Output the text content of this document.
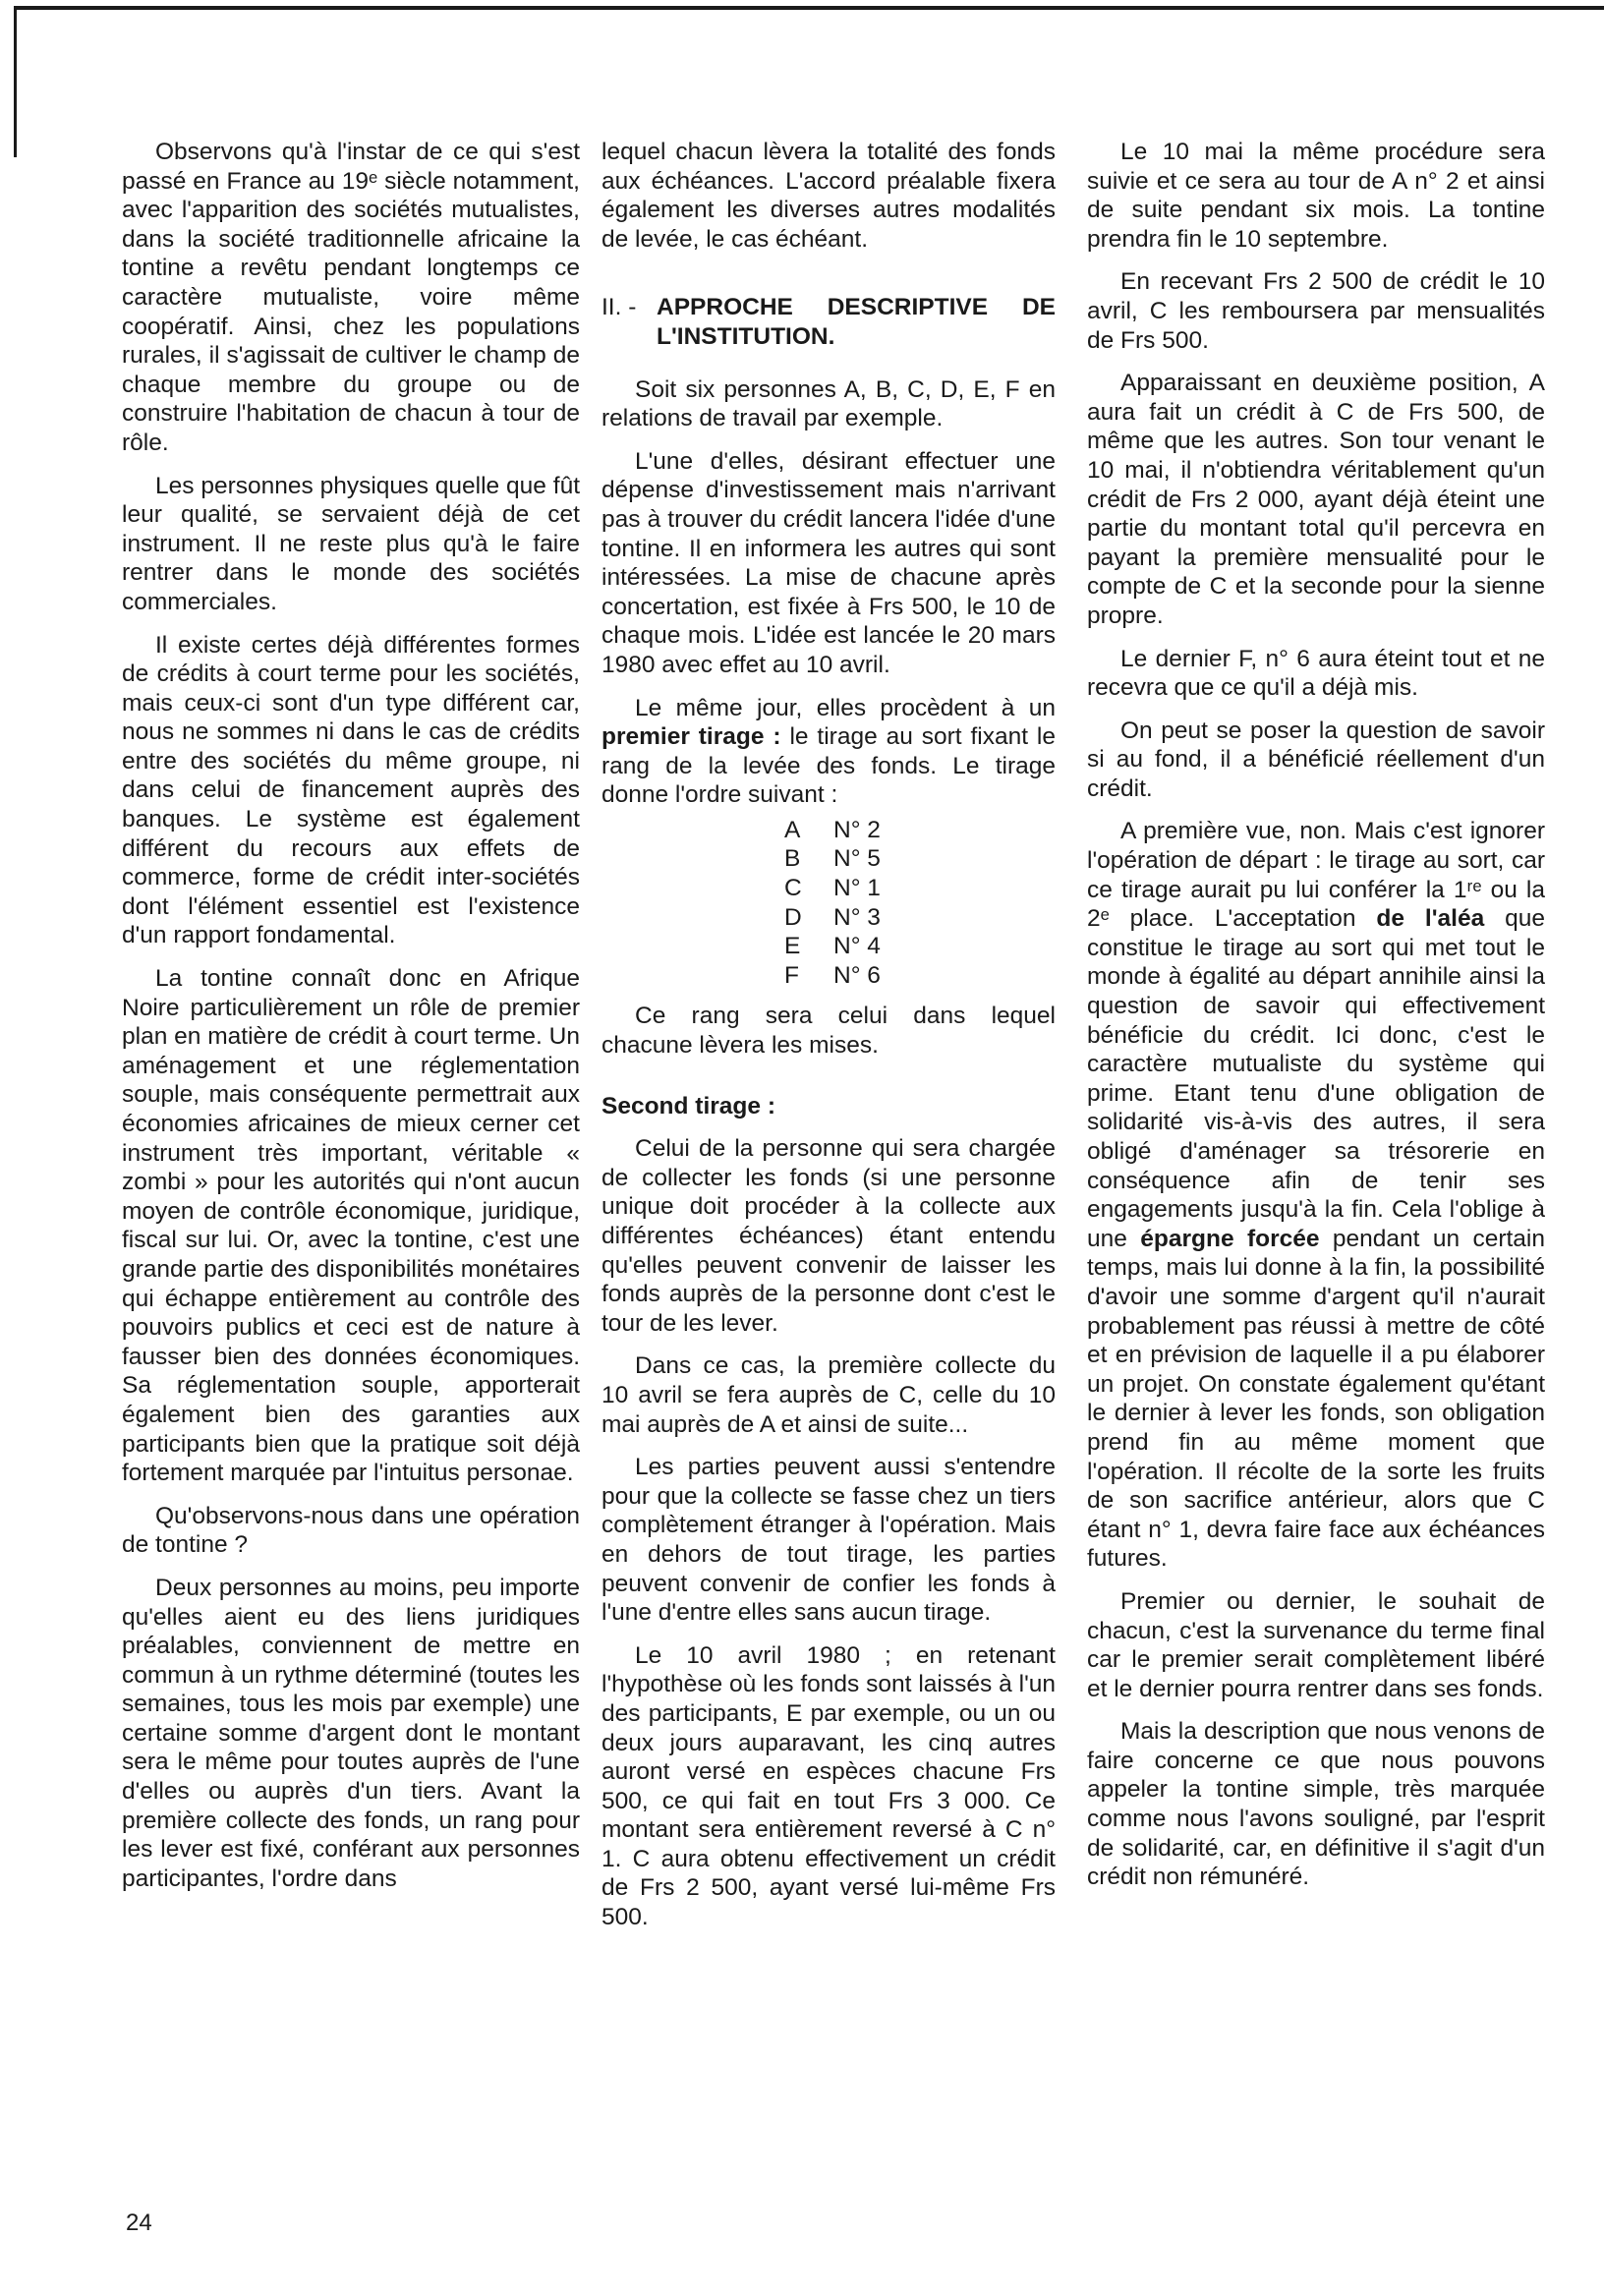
Observons qu'à l'instar de ce qui s'est passé en France au 19ᵉ siècle notamment, avec l'apparition des sociétés mutualistes, dans la société traditionnelle africaine la tontine a revêtu pendant longtemps ce caractère mutualiste, voire même coopératif. Ainsi, chez les populations rurales, il s'agissait de cultiver le champ de chaque membre du groupe ou de construire l'habitation de chacun à tour de rôle.

Les personnes physiques quelle que fût leur qualité, se servaient déjà de cet instrument. Il ne reste plus qu'à le faire rentrer dans le monde des sociétés commerciales.

Il existe certes déjà différentes formes de crédits à court terme pour les sociétés, mais ceux-ci sont d'un type différent car, nous ne sommes ni dans le cas de crédits entre des sociétés du même groupe, ni dans celui de financement auprès des banques. Le système est également différent du recours aux effets de commerce, forme de crédit inter-sociétés dont l'élément essentiel est l'existence d'un rapport fondamental.

La tontine connaît donc en Afrique Noire particulièrement un rôle de premier plan en matière de crédit à court terme. Un aménagement et une réglementation souple, mais conséquente permettrait aux économies africaines de mieux cerner cet instrument très important, véritable « zombi » pour les autorités qui n'ont aucun moyen de contrôle économique, juridique, fiscal sur lui. Or, avec la tontine, c'est une grande partie des disponibilités monétaires qui échappe entièrement au contrôle des pouvoirs publics et ceci est de nature à fausser bien des données économiques. Sa réglementation souple, apporterait également bien des garanties aux participants bien que la pratique soit déjà fortement marquée par l'intuitus personae.

Qu'observons-nous dans une opération de tontine ?

Deux personnes au moins, peu importe qu'elles aient eu des liens juridiques préalables, conviennent de mettre en commun à un rythme déterminé (toutes les semaines, tous les mois par exemple) une certaine somme d'argent dont le montant sera le même pour toutes auprès de l'une d'elles ou auprès d'un tiers. Avant la première collecte des fonds, un rang pour les lever est fixé, conférant aux personnes participantes, l'ordre dans

lequel chacun lèvera la totalité des fonds aux échéances. L'accord préalable fixera également les diverses autres modalités de levée, le cas échéant.

II. - APPROCHE DESCRIPTIVE DE L'INSTITUTION.

Soit six personnes A, B, C, D, E, F en relations de travail par exemple.

L'une d'elles, désirant effectuer une dépense d'investissement mais n'arrivant pas à trouver du crédit lancera l'idée d'une tontine. Il en informera les autres qui sont intéressées. La mise de chacune après concertation, est fixée à Frs 500, le 10 de chaque mois. L'idée est lancée le 20 mars 1980 avec effet au 10 avril.

Le même jour, elles procèdent à un premier tirage : le tirage au sort fixant le rang de la levée des fonds. Le tirage donne l'ordre suivant :

A	N° 2
B	N° 5
C	N° 1
D	N° 3
E	N° 4
F	N° 6

Ce rang sera celui dans lequel chacune lèvera les mises.

Second tirage :

Celui de la personne qui sera chargée de collecter les fonds (si une personne unique doit procéder à la collecte aux différentes échéances) étant entendu qu'elles peuvent convenir de laisser les fonds auprès de la personne dont c'est le tour de les lever.

Dans ce cas, la première collecte du 10 avril se fera auprès de C, celle du 10 mai auprès de A et ainsi de suite...

Les parties peuvent aussi s'entendre pour que la collecte se fasse chez un tiers complètement étranger à l'opération. Mais en dehors de tout tirage, les parties peuvent convenir de confier les fonds à l'une d'entre elles sans aucun tirage.

Le 10 avril 1980 ; en retenant l'hypothèse où les fonds sont laissés à l'un des participants, E par exemple, ou un ou deux jours auparavant, les cinq autres auront versé en espèces chacune Frs 500, ce qui fait en tout Frs 3 000. Ce montant sera entièrement reversé à C n° 1. C aura obtenu effectivement un crédit de Frs 2 500, ayant versé lui-même Frs 500.

Le 10 mai la même procédure sera suivie et ce sera au tour de A n° 2 et ainsi de suite pendant six mois. La tontine prendra fin le 10 septembre.

En recevant Frs 2 500 de crédit le 10 avril, C les remboursera par mensualités de Frs 500.

Apparaissant en deuxième position, A aura fait un crédit à C de Frs 500, de même que les autres. Son tour venant le 10 mai, il n'obtiendra véritablement qu'un crédit de Frs 2 000, ayant déjà éteint une partie du montant total qu'il percevra en payant la première mensualité pour le compte de C et la seconde pour la sienne propre.

Le dernier F, n° 6 aura éteint tout et ne recevra que ce qu'il a déjà mis.

On peut se poser la question de savoir si au fond, il a bénéficié réellement d'un crédit.

A première vue, non. Mais c'est ignorer l'opération de départ : le tirage au sort, car ce tirage aurait pu lui conférer la 1ʳᵉ ou la 2ᵉ place. L'acceptation de l'aléa que constitue le tirage au sort qui met tout le monde à égalité au départ annihile ainsi la question de savoir qui effectivement bénéficie du crédit. Ici donc, c'est le caractère mutualiste du système qui prime. Etant tenu d'une obligation de solidarité vis-à-vis des autres, il sera obligé d'aménager sa trésorerie en conséquence afin de tenir ses engagements jusqu'à la fin. Cela l'oblige à une épargne forcée pendant un certain temps, mais lui donne à la fin, la possibilité d'avoir une somme d'argent qu'il n'aurait probablement pas réussi à mettre de côté et en prévision de laquelle il a pu élaborer un projet. On constate également qu'étant le dernier à lever les fonds, son obligation prend fin au même moment que l'opération. Il récolte de la sorte les fruits de son sacrifice antérieur, alors que C étant n° 1, devra faire face aux échéances futures.

Premier ou dernier, le souhait de chacun, c'est la survenance du terme final car le premier serait complètement libéré et le dernier pourra rentrer dans ses fonds.

Mais la description que nous venons de faire concerne ce que nous pouvons appeler la tontine simple, très marquée comme nous l'avons souligné, par l'esprit de solidarité, car, en définitive il s'agit d'un crédit non rémunéré.

24
